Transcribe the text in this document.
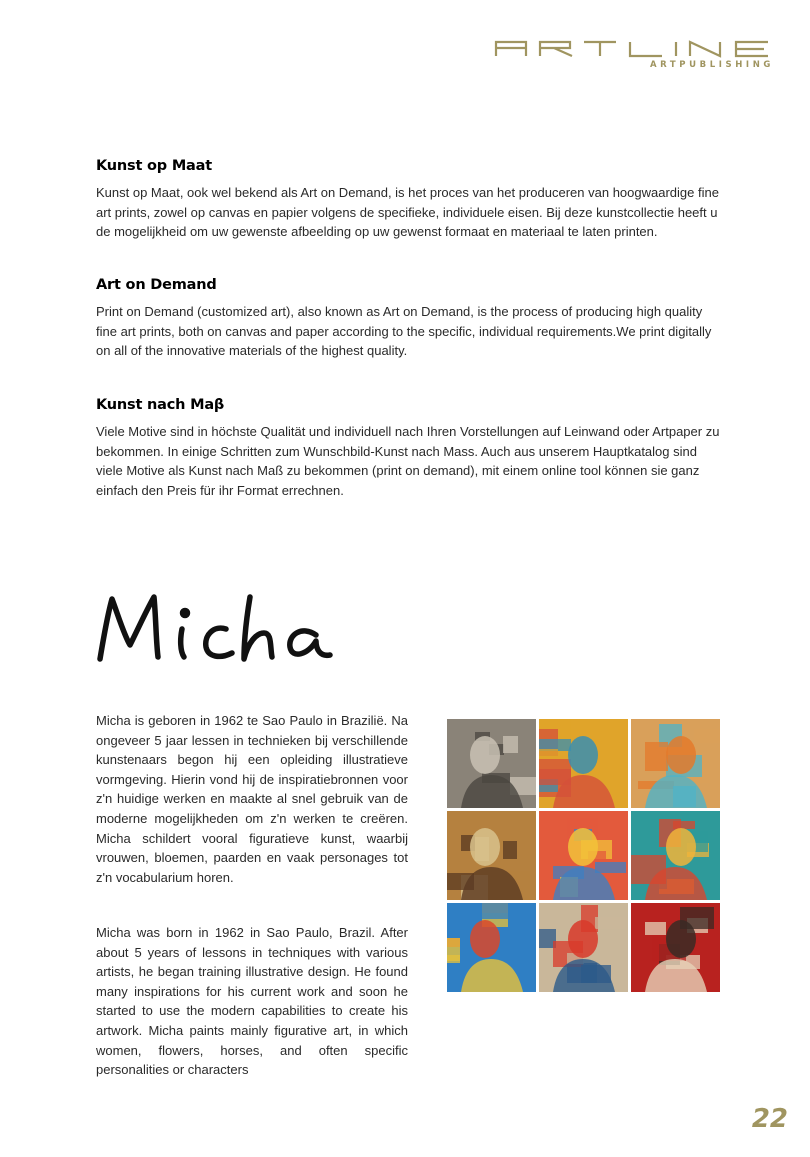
ARTPUBLISHING
Kunst op Maat

Kunst op Maat, ook wel bekend als Art on Demand, is het proces van het produceren van hoogwaardige fine art prints, zowel op canvas en papier volgens de specifieke, individuele eisen. Bij deze kunstcollectie heeft u de mogelijkheid om uw gewenste afbeelding op uw gewenst formaat en materiaal te laten printen.

Art on Demand

Print on Demand (customized art), also known as Art on Demand, is the process of producing high quality fine art prints, both on canvas and paper according to the specific, individual requirements.We print digitally on all of the innovative materials of the highest quality.

Kunst nach Maβ

Viele Motive sind in höchste Qualität und individuell nach Ihren Vorstellungen auf Leinwand oder Artpaper zu bekommen. In einige Schritten zum Wunschbild-Kunst nach Mass. Auch aus unserem Hauptkatalog sind viele Motive als Kunst nach Maß zu bekommen (print on demand), mit einem online tool können sie ganz einfach den Preis für ihr Format errechnen.

Micha is geboren in 1962 te Sao Paulo in Brazilië. Na ongeveer 5 jaar lessen in technieken bij verschillende kunstenaars begon hij een opleiding illustratieve vormgeving. Hierin vond hij de inspiratiebronnen voor z'n huidige werken en maakte al snel gebruik van de moderne mogelijkheden om z'n werken te creëren. Micha schildert vooral figuratieve kunst, waarbij vrouwen, bloemen, paarden en vaak personages tot z'n vocabularium horen.

Micha was born in 1962 in Sao Paulo, Brazil. After about 5 years of lessons in techniques with various artists, he began training illustrative design. He found many inspirations for his current work and soon he started to use the modern capabilities to create his artwork. Micha paints mainly figurative art, in which women, flowers, horses, and often specific personalities or characters

22
